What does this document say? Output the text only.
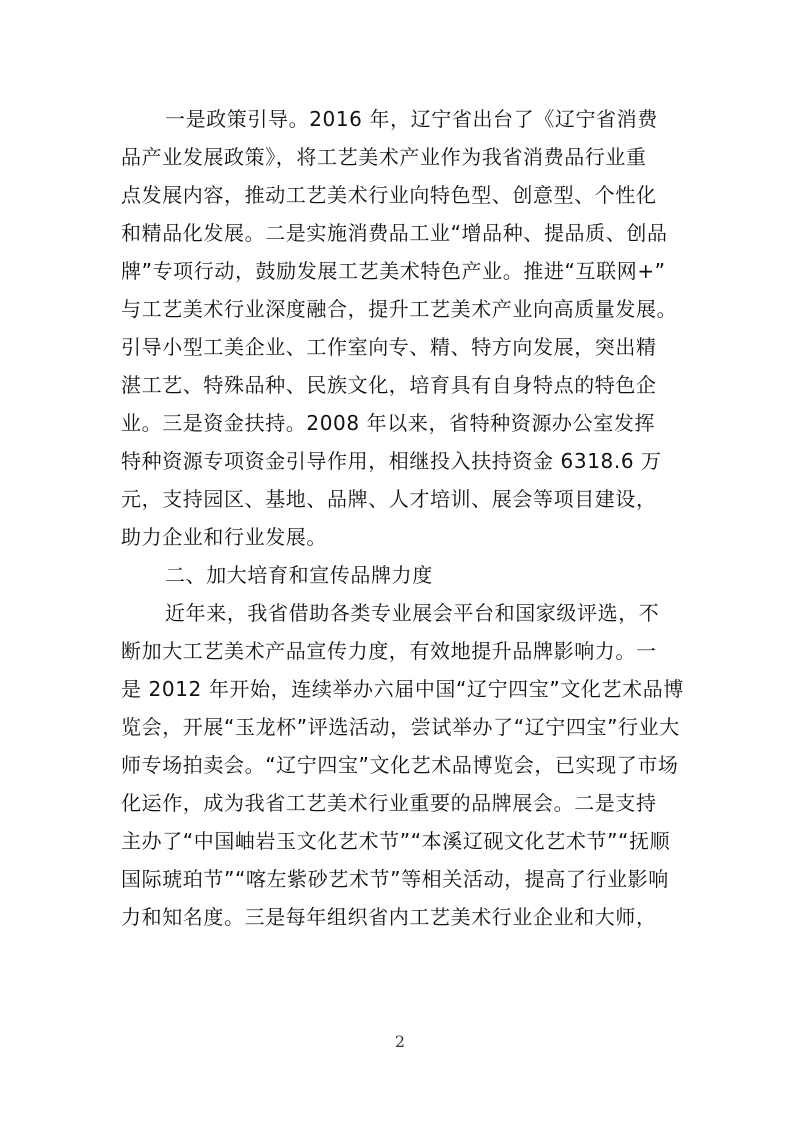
一是政策引导。2016 年，辽宁省出台了《辽宁省消费
品产业发展政策》，将工艺美术产业作为我省消费品行业重
点发展内容，推动工艺美术行业向特色型、创意型、个性化
和精品化发展。二是实施消费品工业“增品种、提品质、创品
牌”专项行动，鼓励发展工艺美术特色产业。推进“互联网+”
与工艺美术行业深度融合，提升工艺美术产业向高质量发展。
引导小型工美企业、工作室向专、精、特方向发展，突出精
湛工艺、特殊品种、民族文化，培育具有自身特点的特色企
业。三是资金扶持。2008 年以来，省特种资源办公室发挥
特种资源专项资金引导作用，相继投入扶持资金 6318.6 万
元，支持园区、基地、品牌、人才培训、展会等项目建设，
助力企业和行业发展。
二、加大培育和宣传品牌力度
近年来，我省借助各类专业展会平台和国家级评选，不
断加大工艺美术产品宣传力度，有效地提升品牌影响力。一
是 2012 年开始，连续举办六届中国“辽宁四宝”文化艺术品博
览会，开展“玉龙杯”评选活动，尝试举办了“辽宁四宝”行业大
师专场拍卖会。“辽宁四宝”文化艺术品博览会，已实现了市场
化运作，成为我省工艺美术行业重要的品牌展会。二是支持
主办了“中国岫岩玉文化艺术节”“本溪辽砚文化艺术节”“抚顺
国际琥珀节”“喀左紫砂艺术节”等相关活动，提高了行业影响
力和知名度。三是每年组织省内工艺美术行业企业和大师，
2
